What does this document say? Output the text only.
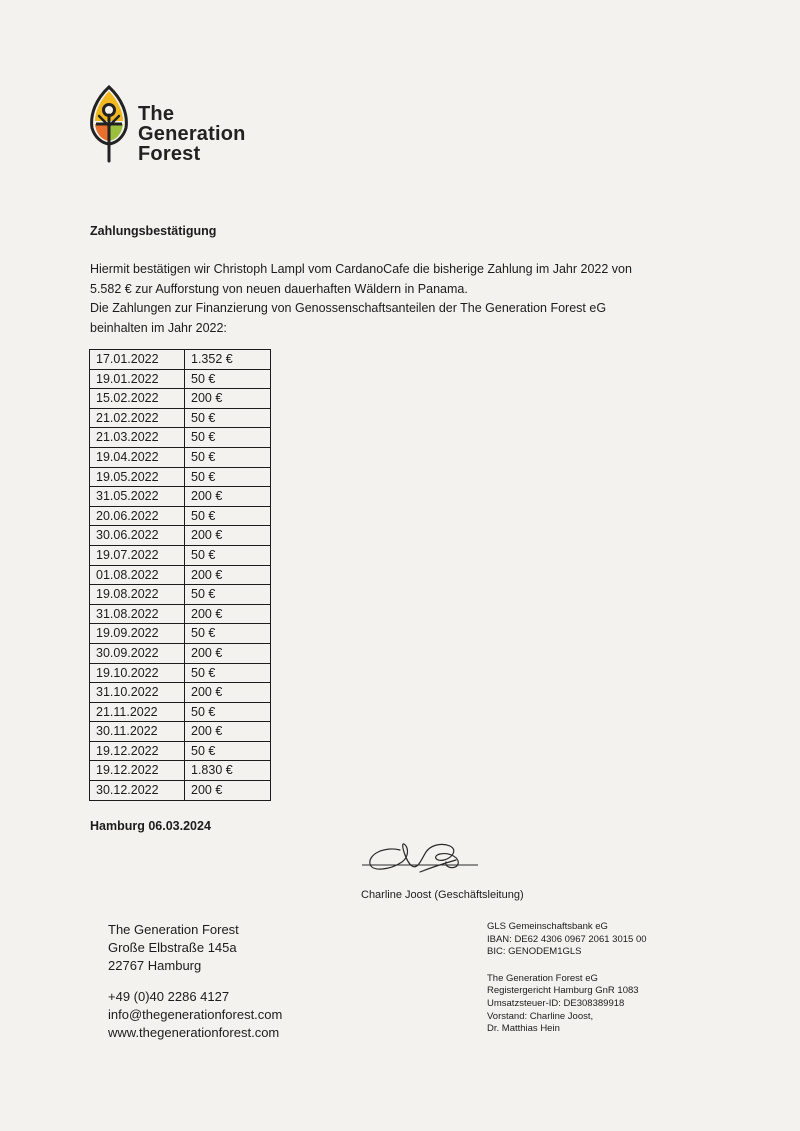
The
Generation
Forest
Zahlungsbestätigung

Hiermit bestätigen wir Christoph Lampl vom CardanoCafe die bisherige Zahlung im Jahr 2022 von

5.582 € zur Aufforstung von neuen dauerhaften Wäldern in Panama.

Die Zahlungen zur Finanzierung von Genossenschaftsanteilen der The Generation Forest eG

beinhalten im Jahr 2022:

17.01.2022	1.352 €
19.01.2022	50 €
15.02.2022	200 €
21.02.2022	50 €
21.03.2022	50 €
19.04.2022	50 €
19.05.2022	50 €
31.05.2022	200 €
20.06.2022	50 €
30.06.2022	200 €
19.07.2022	50 €
01.08.2022	200 €
19.08.2022	50 €
31.08.2022	200 €
19.09.2022	50 €
30.09.2022	200 €
19.10.2022	50 €
31.10.2022	200 €
21.11.2022	50 €
30.11.2022	200 €
19.12.2022	50 €
19.12.2022	1.830 €
30.12.2022	200 €
Hamburg 06.03.2024
Charline Joost (Geschäftsleitung)
The Generation Forest
Große Elbstraße 145a
22767 Hamburg
+49 (0)40 2286 4127
info@thegenerationforest.com
www.thegenerationforest.com
GLS Gemeinschaftsbank eG
IBAN: DE62 4306 0967 2061 3015 00
BIC: GENODEM1GLS
The Generation Forest eG
Registergericht Hamburg GnR 1083
Umsatzsteuer-ID: DE308389918
Vorstand: Charline Joost,
Dr. Matthias Hein
